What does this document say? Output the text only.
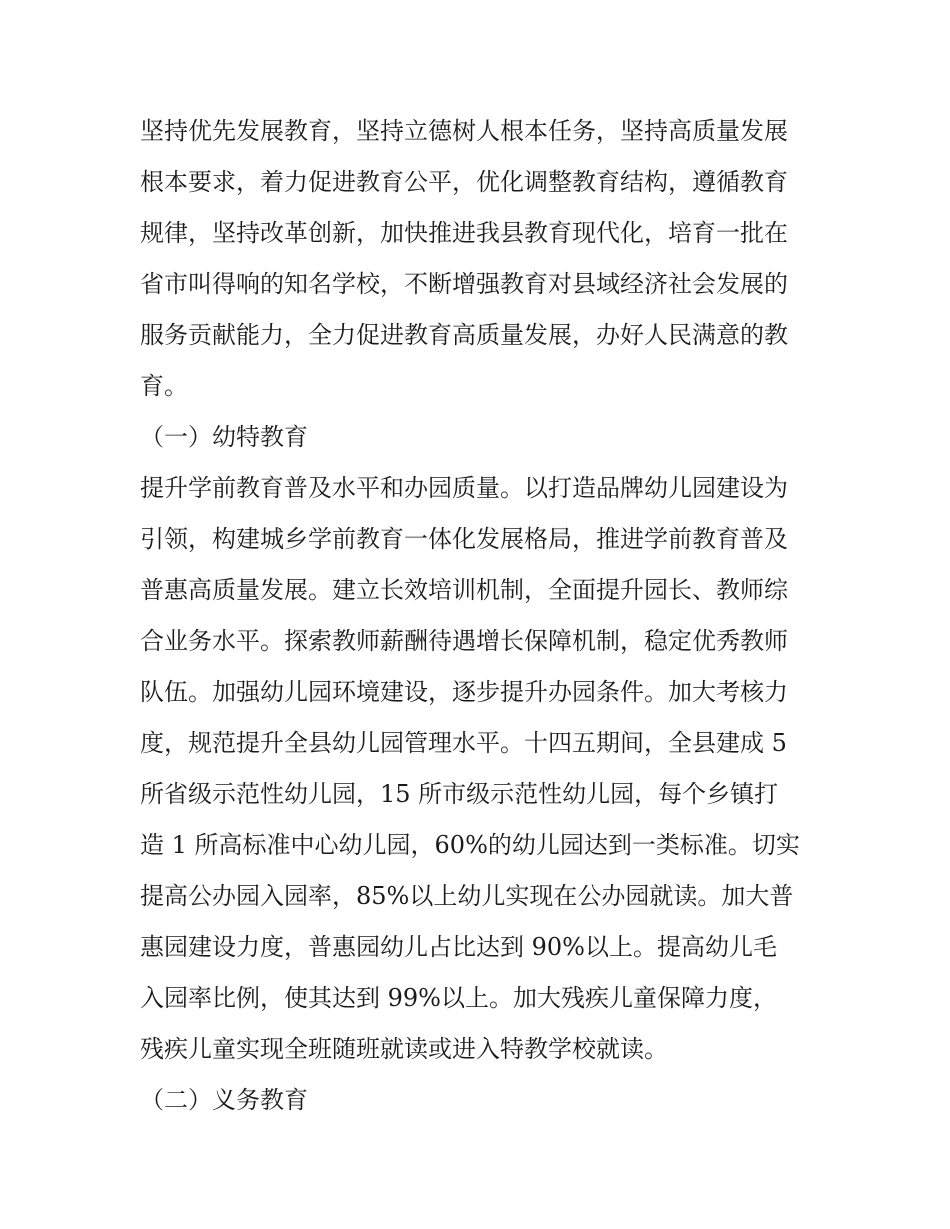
坚持优先发展教育，坚持立德树人根本任务，坚持高质量发展
根本要求，着力促进教育公平，优化调整教育结构，遵循教育
规律，坚持改革创新，加快推进我县教育现代化，培育一批在
省市叫得响的知名学校，不断增强教育对县域经济社会发展的
服务贡献能力，全力促进教育高质量发展，办好人民满意的教
育。
（一）幼特教育
提升学前教育普及水平和办园质量。以打造品牌幼儿园建设为
引领，构建城乡学前教育一体化发展格局，推进学前教育普及
普惠高质量发展。建立长效培训机制，全面提升园长、教师综
合业务水平。探索教师薪酬待遇增长保障机制，稳定优秀教师
队伍。加强幼儿园环境建设，逐步提升办园条件。加大考核力
度，规范提升全县幼儿园管理水平。十四五期间，全县建成 5
所省级示范性幼儿园，15 所市级示范性幼儿园，每个乡镇打
造 1 所高标准中心幼儿园，60%的幼儿园达到一类标准。切实
提高公办园入园率，85%以上幼儿实现在公办园就读。加大普
惠园建设力度，普惠园幼儿占比达到 90%以上。提高幼儿毛
入园率比例，使其达到 99%以上。加大残疾儿童保障力度，
残疾儿童实现全班随班就读或进入特教学校就读。
（二）义务教育
